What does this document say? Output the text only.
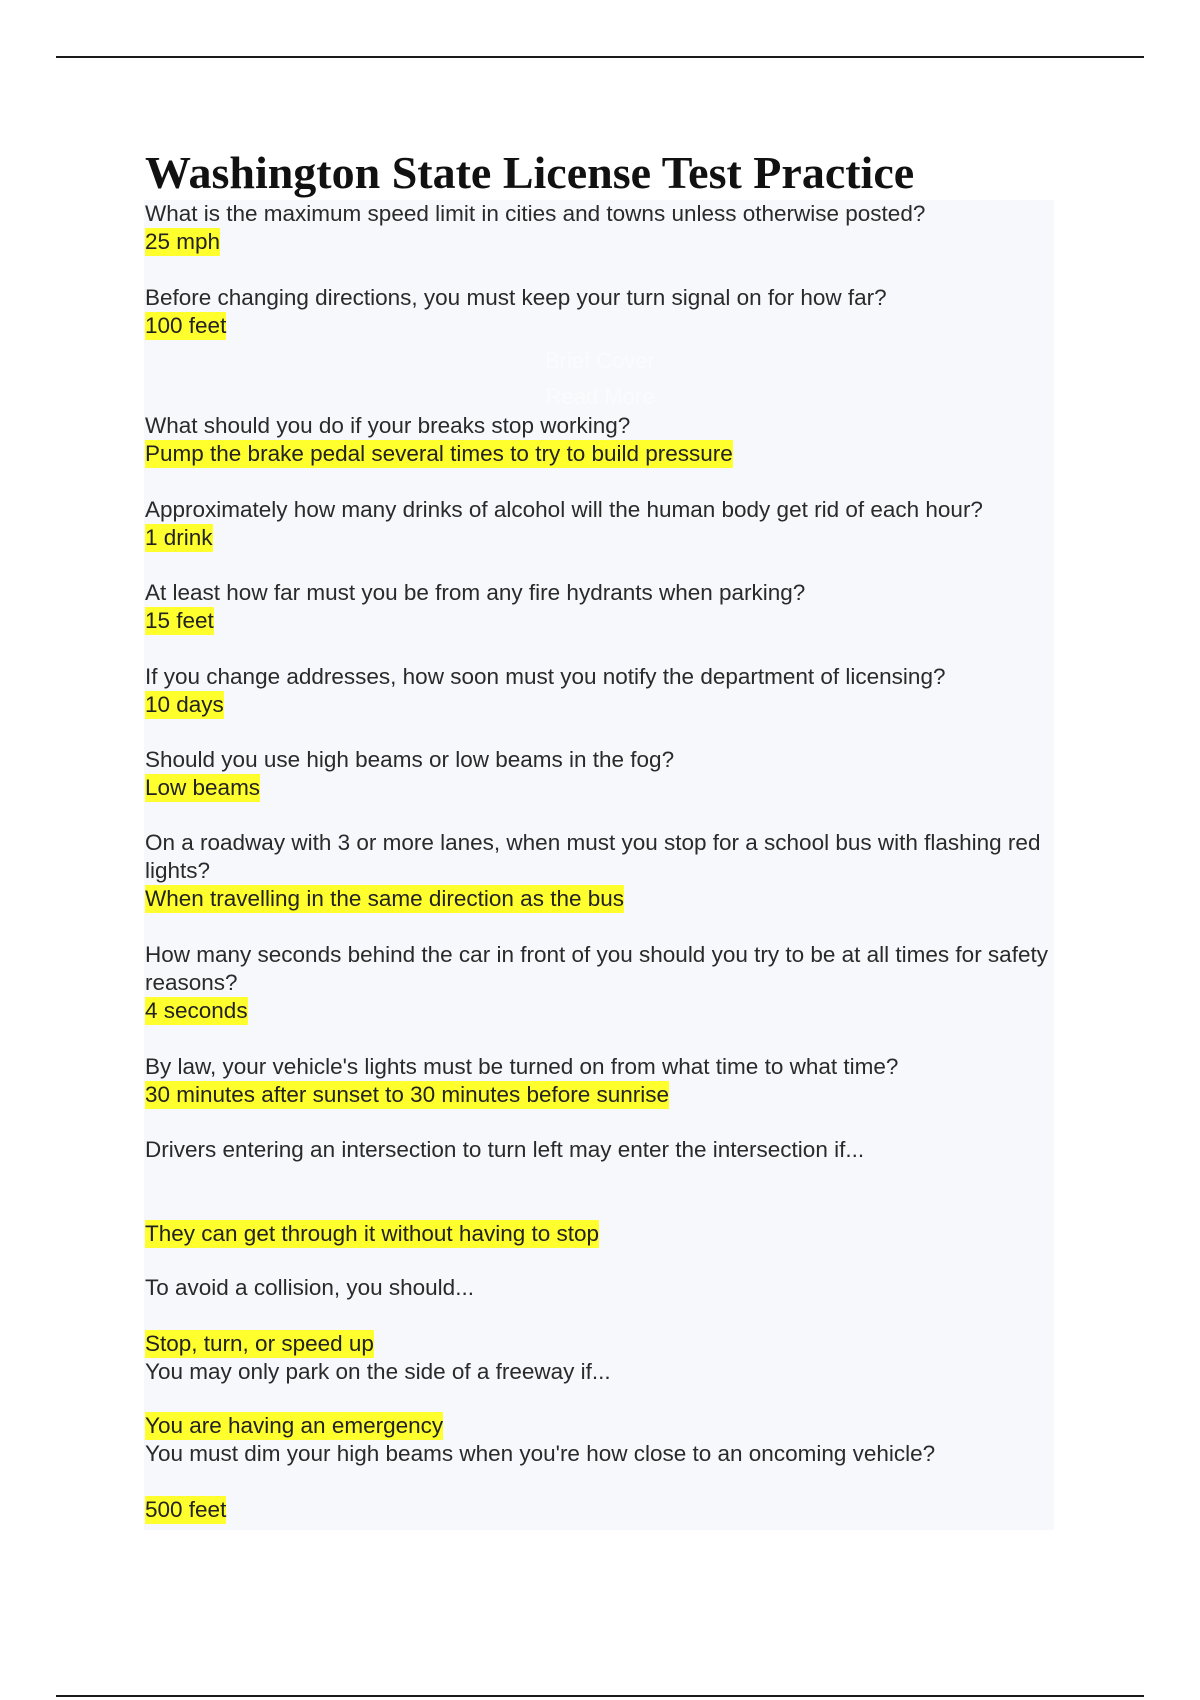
Washington State License Test Practice
Brief Cover
Read More

What is the maximum speed limit in cities and towns unless otherwise posted?

25 mph

Before changing directions, you must keep your turn signal on for how far?

100 feet

What should you do if your breaks stop working?

Pump the brake pedal several times to try to build pressure

Approximately how many drinks of alcohol will the human body get rid of each hour?

1 drink

At least how far must you be from any fire hydrants when parking?

15 feet

If you change addresses, how soon must you notify the department of licensing?

10 days

Should you use high beams or low beams in the fog?

Low beams

On a roadway with 3 or more lanes, when must you stop for a school bus with flashing red lights?

When travelling in the same direction as the bus

How many seconds behind the car in front of you should you try to be at all times for safety reasons?

4 seconds

By law, your vehicle's lights must be turned on from what time to what time?

30 minutes after sunset to 30 minutes before sunrise

Drivers entering an intersection to turn left may enter the intersection if...

They can get through it without having to stop

To avoid a collision, you should...

Stop, turn, or speed up

You may only park on the side of a freeway if...

You are having an emergency

You must dim your high beams when you're how close to an oncoming vehicle?

500 feet
